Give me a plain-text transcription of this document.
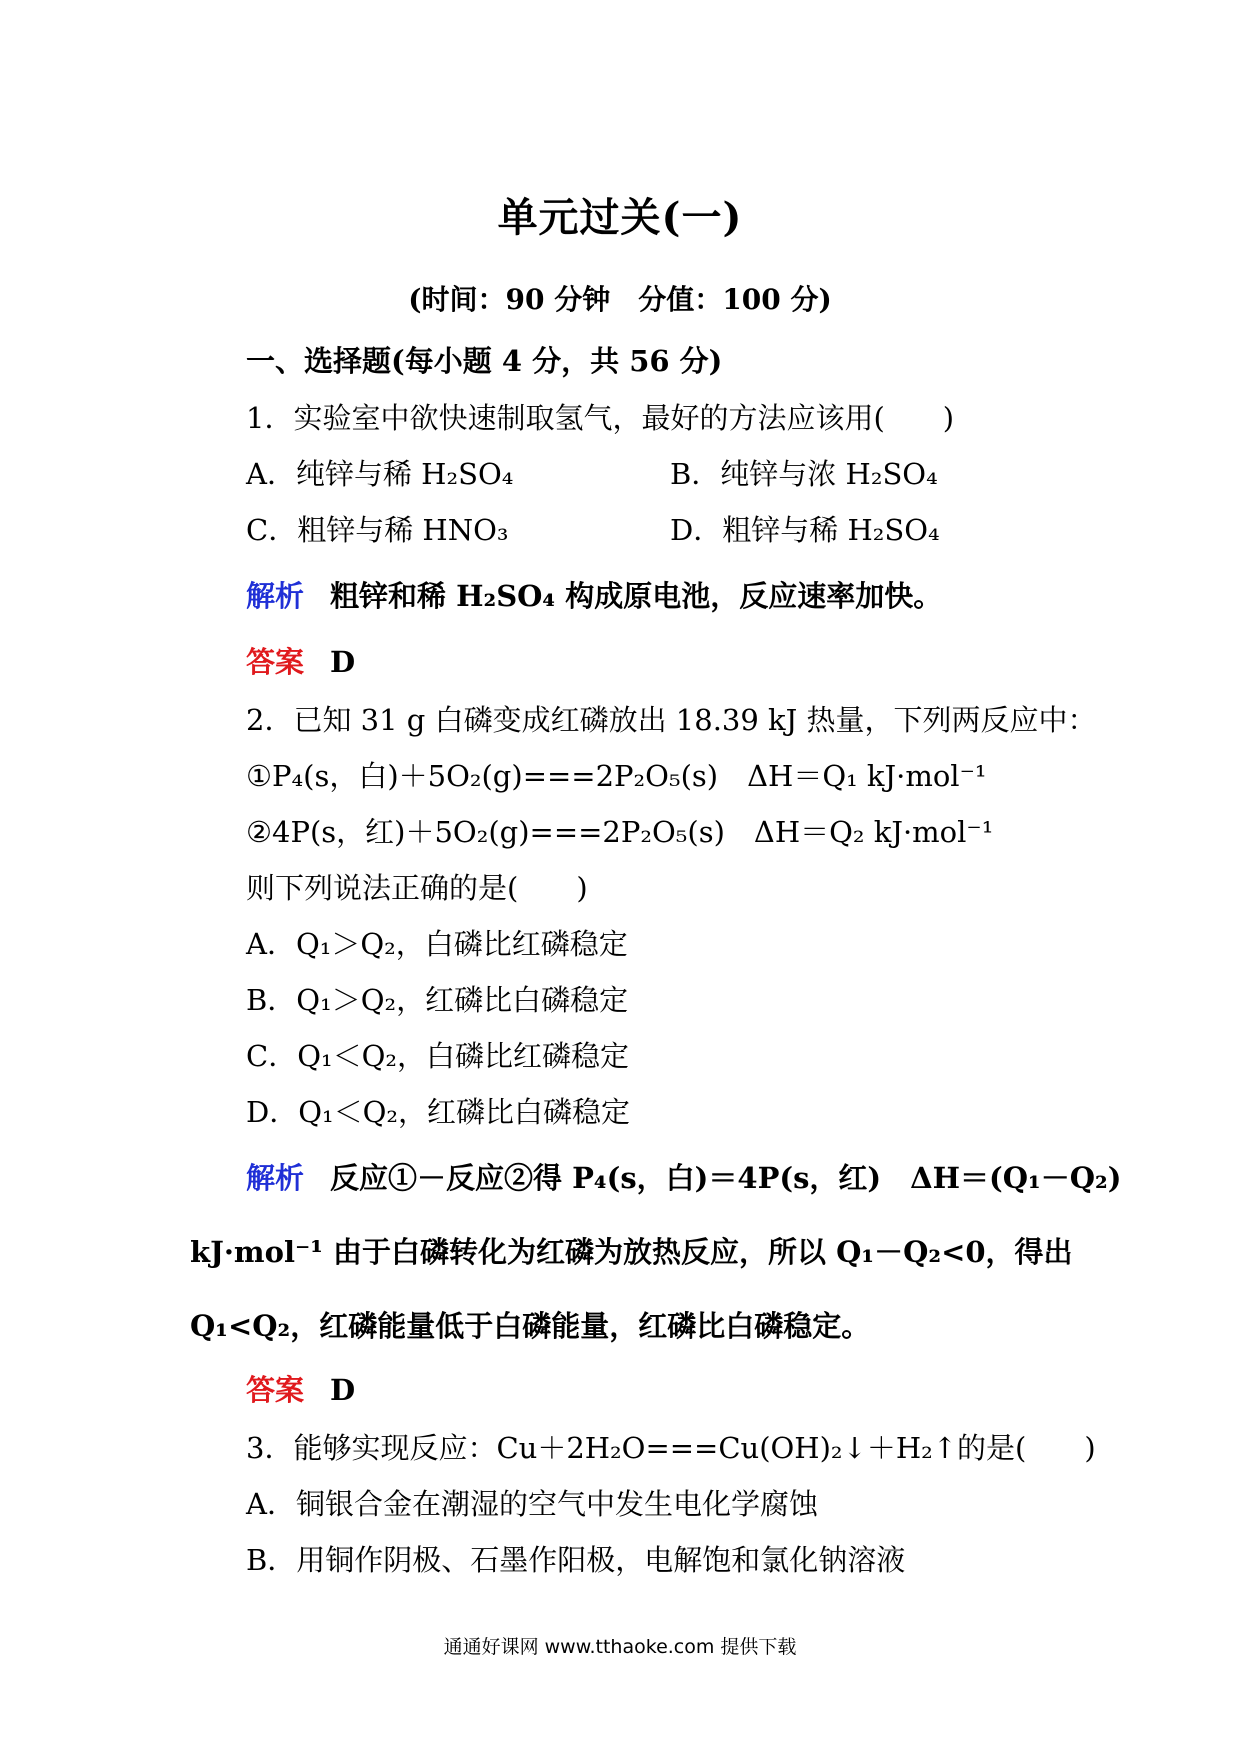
单元过关(一)
(时间：90 分钟　分值：100 分)
一、选择题(每小题 4 分，共 56 分)
1．实验室中欲快速制取氢气，最好的方法应该用(　　)
A．纯锌与稀 H₂SO₄	B．纯锌与浓 H₂SO₄
C．粗锌与稀 HNO₃	D．粗锌与稀 H₂SO₄
解析 粗锌和稀 H₂SO₄ 构成原电池，反应速率加快。
答案 D
2．已知 31 g 白磷变成红磷放出 18.39 kJ 热量，下列两反应中：
①P₄(s，白)＋5O₂(g)===2P₂O₅(s)　ΔH＝Q₁ kJ·mol⁻¹
②4P(s，红)＋5O₂(g)===2P₂O₅(s)　ΔH＝Q₂ kJ·mol⁻¹
则下列说法正确的是(　　)
A．Q₁＞Q₂，白磷比红磷稳定
B．Q₁＞Q₂，红磷比白磷稳定
C．Q₁＜Q₂，白磷比红磷稳定
D．Q₁＜Q₂，红磷比白磷稳定
解析 反应①－反应②得 P₄(s，白)＝4P(s，红)　ΔH＝(Q₁－Q₂)
kJ·mol⁻¹ 由于白磷转化为红磷为放热反应，所以 Q₁－Q₂<0，得出
Q₁<Q₂，红磷能量低于白磷能量，红磷比白磷稳定。
答案 D
3．能够实现反应：Cu＋2H₂O===Cu(OH)₂↓＋H₂↑的是(　　)
A．铜银合金在潮湿的空气中发生电化学腐蚀
B．用铜作阴极、石墨作阳极，电解饱和氯化钠溶液
通通好课网 www.tthaoke.com 提供下载
